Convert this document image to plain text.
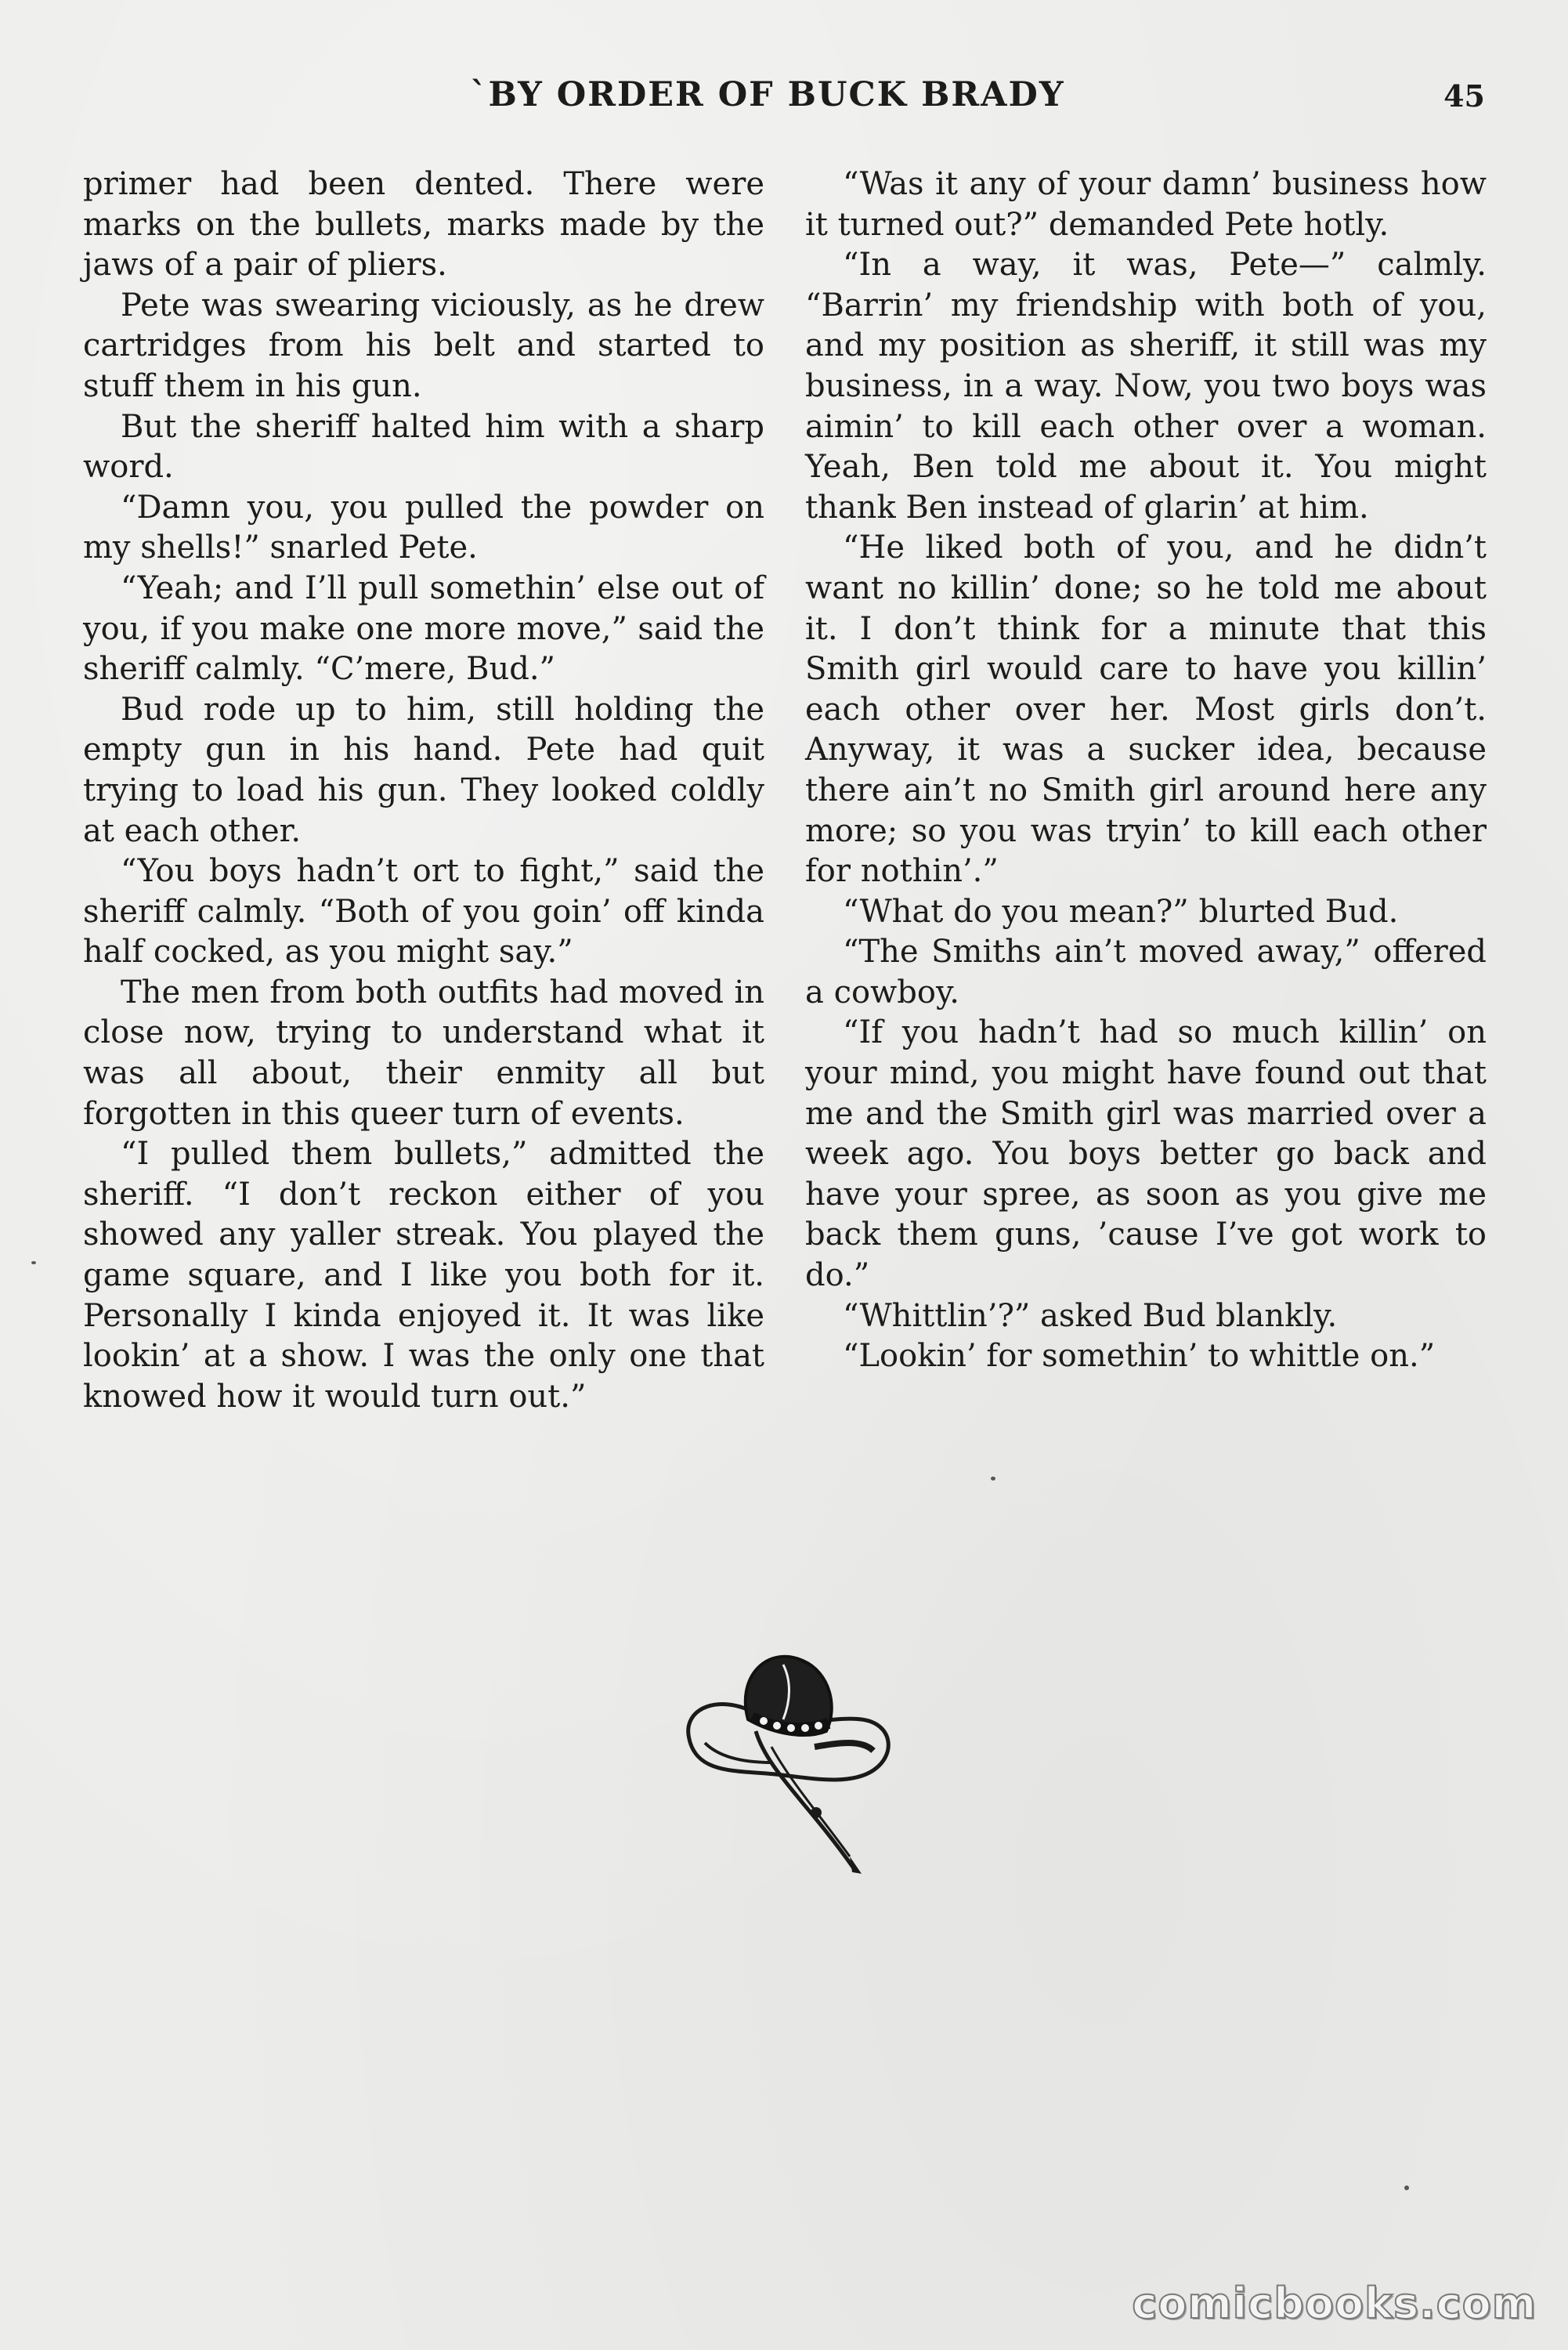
`BY ORDER OF BUCK BRADY	45

primer had been dented. There were marks on the bullets, marks made by the jaws of a pair of pliers.

Pete was swearing viciously, as he drew cartridges from his belt and started to stuff them in his gun.

But the sheriff halted him with a sharp word.

“Damn you, you pulled the powder on my shells!” snarled Pete.

“Yeah; and I’ll pull somethin’ else out of you, if you make one more move,” said the sheriff calmly. “C’mere, Bud.”

Bud rode up to him, still holding the empty gun in his hand. Pete had quit trying to load his gun. They looked coldly at each other.

“You boys hadn’t ort to fight,” said the sheriff calmly. “Both of you goin’ off kinda half cocked, as you might say.”

The men from both outfits had moved in close now, trying to understand what it was all about, their enmity all but forgotten in this queer turn of events.

“I pulled them bullets,” admitted the sheriff. “I don’t reckon either of you showed any yaller streak. You played the game square, and I like you both for it. Personally I kinda enjoyed it. It was like lookin’ at a show. I was the only one that knowed how it would turn out.”

“Was it any of your damn’ business how it turned out?” demanded Pete hotly.

“In a way, it was, Pete—” calmly. “Barrin’ my friendship with both of you, and my position as sheriff, it still was my business, in a way. Now, you two boys was aimin’ to kill each other over a woman. Yeah, Ben told me about it. You might thank Ben instead of glarin’ at him.

“He liked both of you, and he didn’t want no killin’ done; so he told me about it. I don’t think for a minute that this Smith girl would care to have you killin’ each other over her. Most girls don’t. Anyway, it was a sucker idea, because there ain’t no Smith girl around here any more; so you was tryin’ to kill each other for nothin’.”

“What do you mean?” blurted Bud.

“The Smiths ain’t moved away,” offered a cowboy.

“If you hadn’t had so much killin’ on your mind, you might have found out that me and the Smith girl was married over a week ago. You boys better go back and have your spree, as soon as you give me back them guns, ’cause I’ve got work to do.”

“Whittlin’?” asked Bud blankly.

“Lookin’ for somethin’ to whittle on.”

comicbooks.com
